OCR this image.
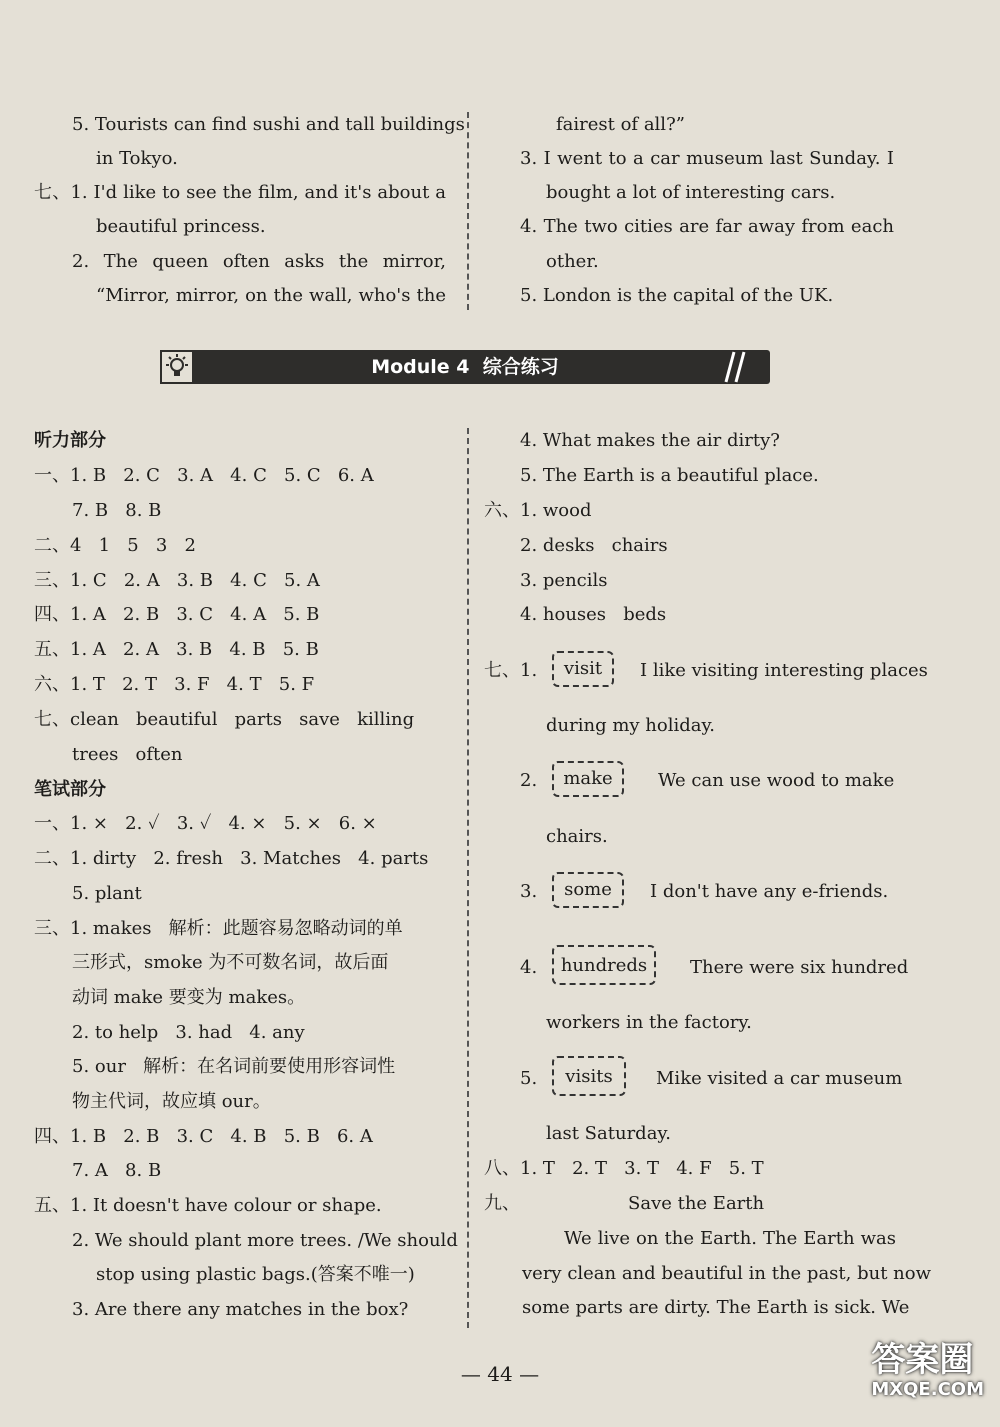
5. Tourists can find sushi and tall buildings
in Tokyo.
七、1. I'd like to see the film, and it's about a
beautiful princess.
2. The queen often asks the mirror,
“Mirror, mirror, on the wall, who's the
fairest of all?”
3. I went to a car museum last Sunday. I
bought a lot of interesting cars.
4. The two cities are far away from each
other.
5. London is the capital of the UK.
Module 4 综合练习
听力部分
一、1. B   2. C   3. A   4. C   5. C   6. A
7. B   8. B
二、4   1   5   3   2
三、1. C   2. A   3. B   4. C   5. A
四、1. A   2. B   3. C   4. A   5. B
五、1. A   2. A   3. B   4. B   5. B
六、1. T   2. T   3. F   4. T   5. F
七、clean   beautiful   parts   save   killing
trees   often
笔试部分
一、1. ×   2. ✓   3. ✓   4. ×   5. ×   6. ×
二、1. dirty   2. fresh   3. Matches   4. parts
5. plant
三、1. makes   解析：此题容易忽略动词的单
三形式，smoke 为不可数名词，故后面
动词 make 要变为 makes。
2. to help   3. had   4. any
5. our   解析：在名词前要使用形容词性
物主代词，故应填 our。
四、1. B   2. B   3. C   4. B   5. B   6. A
7. A   8. B
五、1. It doesn't have colour or shape.
2. We should plant more trees. /We should
stop using plastic bags.(答案不唯一)
3. Are there any matches in the box?
4. What makes the air dirty?
5. The Earth is a beautiful place.
六、1. wood
2. desks   chairs
3. pencils
4. houses   beds
七、1.	visit	I like visiting interesting places
during my holiday.
2.	make	We can use wood to make
chairs.
3.	some	I don't have any e-friends.
4.	hundreds	There were six hundred
workers in the factory.
5.	visits	Mike visited a car museum
last Saturday.
八、1. T   2. T   3. T   4. F   5. T
九、	Save the Earth
We live on the Earth. The Earth was
very clean and beautiful in the past, but now
some parts are dirty. The Earth is sick. We
— 44 —	答案圈
MXQE.COM
